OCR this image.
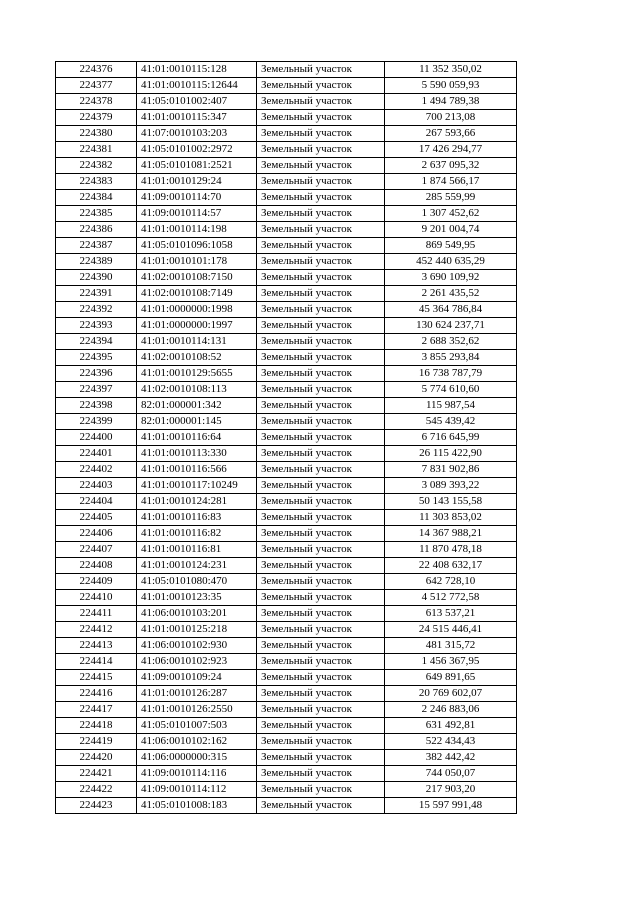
224376	41:01:0010115:128	Земельный участок	11 352 350,02
224377	41:01:0010115:12644	Земельный участок	5 590 059,93
224378	41:05:0101002:407	Земельный участок	1 494 789,38
224379	41:01:0010115:347	Земельный участок	700 213,08
224380	41:07:0010103:203	Земельный участок	267 593,66
224381	41:05:0101002:2972	Земельный участок	17 426 294,77
224382	41:05:0101081:2521	Земельный участок	2 637 095,32
224383	41:01:0010129:24	Земельный участок	1 874 566,17
224384	41:09:0010114:70	Земельный участок	285 559,99
224385	41:09:0010114:57	Земельный участок	1 307 452,62
224386	41:01:0010114:198	Земельный участок	9 201 004,74
224387	41:05:0101096:1058	Земельный участок	869 549,95
224389	41:01:0010101:178	Земельный участок	452 440 635,29
224390	41:02:0010108:7150	Земельный участок	3 690 109,92
224391	41:02:0010108:7149	Земельный участок	2 261 435,52
224392	41:01:0000000:1998	Земельный участок	45 364 786,84
224393	41:01:0000000:1997	Земельный участок	130 624 237,71
224394	41:01:0010114:131	Земельный участок	2 688 352,62
224395	41:02:0010108:52	Земельный участок	3 855 293,84
224396	41:01:0010129:5655	Земельный участок	16 738 787,79
224397	41:02:0010108:113	Земельный участок	5 774 610,60
224398	82:01:000001:342	Земельный участок	115 987,54
224399	82:01:000001:145	Земельный участок	545 439,42
224400	41:01:0010116:64	Земельный участок	6 716 645,99
224401	41:01:0010113:330	Земельный участок	26 115 422,90
224402	41:01:0010116:566	Земельный участок	7 831 902,86
224403	41:01:0010117:10249	Земельный участок	3 089 393,22
224404	41:01:0010124:281	Земельный участок	50 143 155,58
224405	41:01:0010116:83	Земельный участок	11 303 853,02
224406	41:01:0010116:82	Земельный участок	14 367 988,21
224407	41:01:0010116:81	Земельный участок	11 870 478,18
224408	41:01:0010124:231	Земельный участок	22 408 632,17
224409	41:05:0101080:470	Земельный участок	642 728,10
224410	41:01:0010123:35	Земельный участок	4 512 772,58
224411	41:06:0010103:201	Земельный участок	613 537,21
224412	41:01:0010125:218	Земельный участок	24 515 446,41
224413	41:06:0010102:930	Земельный участок	481 315,72
224414	41:06:0010102:923	Земельный участок	1 456 367,95
224415	41:09:0010109:24	Земельный участок	649 891,65
224416	41:01:0010126:287	Земельный участок	20 769 602,07
224417	41:01:0010126:2550	Земельный участок	2 246 883,06
224418	41:05:0101007:503	Земельный участок	631 492,81
224419	41:06:0010102:162	Земельный участок	522 434,43
224420	41:06:0000000:315	Земельный участок	382 442,42
224421	41:09:0010114:116	Земельный участок	744 050,07
224422	41:09:0010114:112	Земельный участок	217 903,20
224423	41:05:0101008:183	Земельный участок	15 597 991,48
